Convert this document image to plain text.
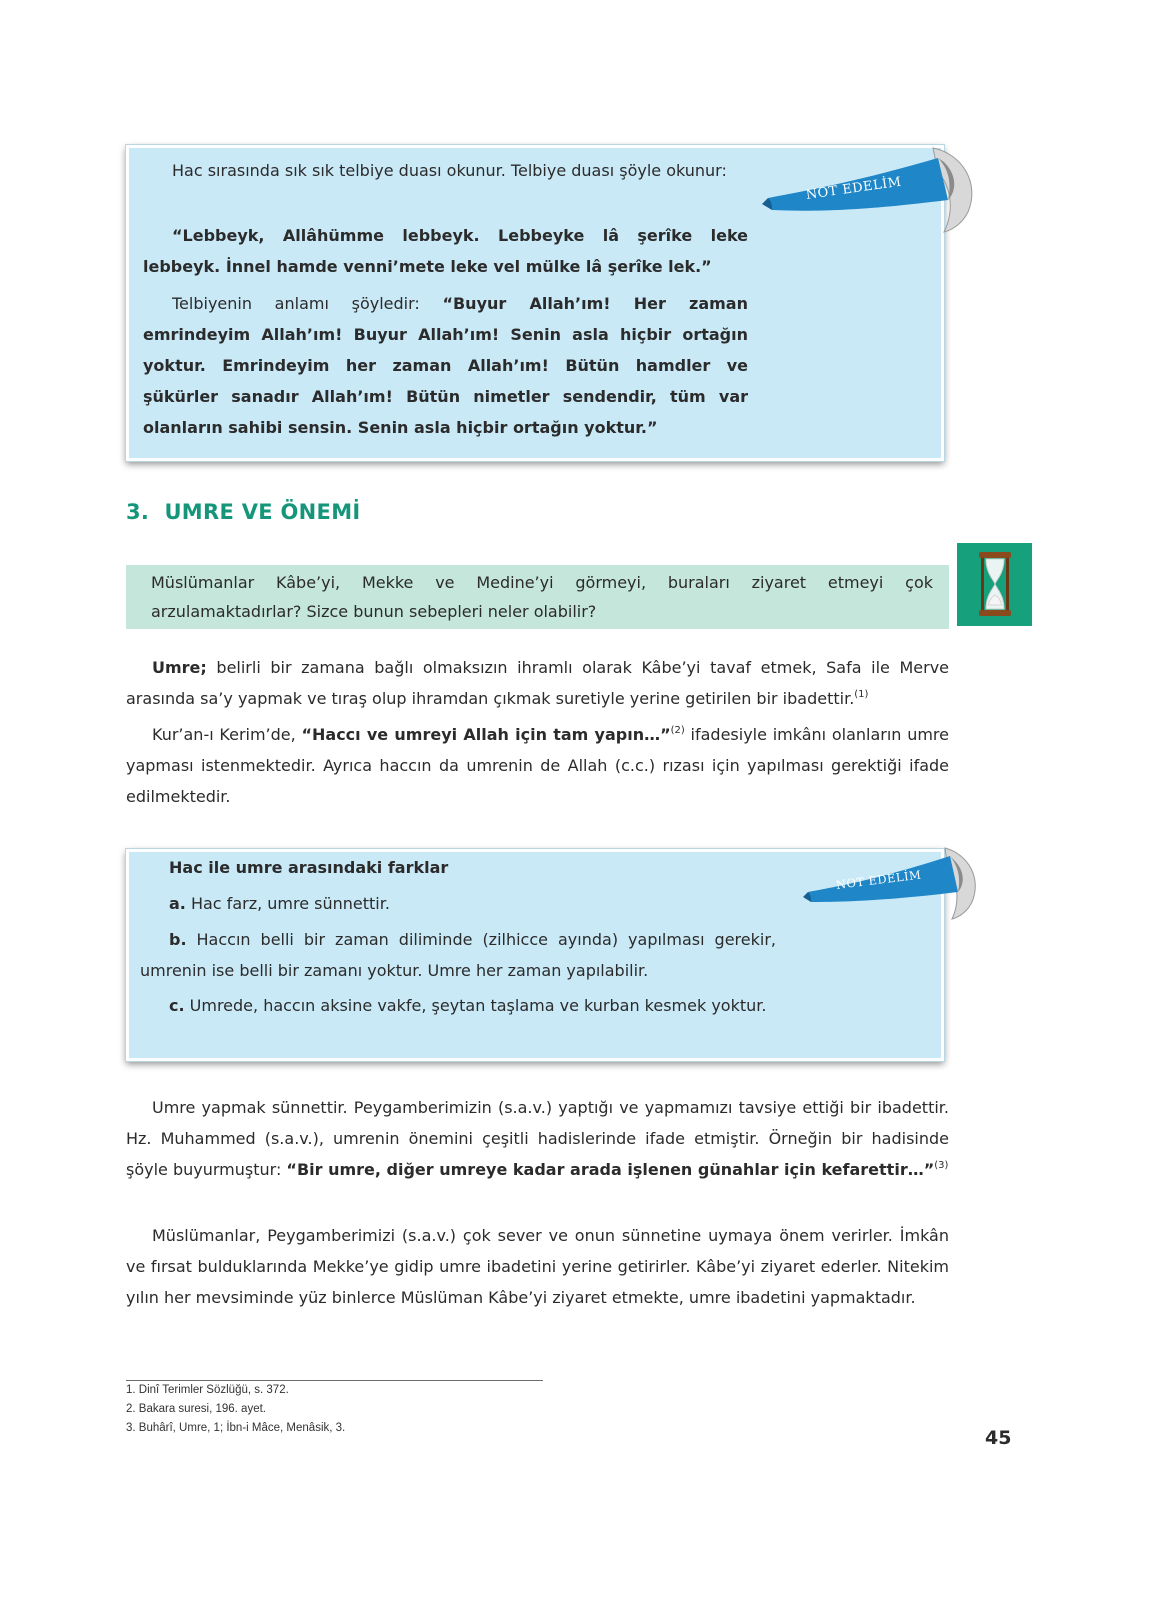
Hac sırasında sık sık telbiye duası okunur. Telbiye duası şöyle okunur:

“Lebbeyk, Allâhümme lebbeyk. Lebbeyke lâ şerîke leke lebbeyk. İnnel hamde venni’mete leke vel mülke lâ şerîke lek.”

Telbiyenin anlamı şöyledir: “Buyur Allah’ım! Her zaman emrindeyim Allah’ım! Buyur Allah’ım! Senin asla hiçbir ortağın yoktur. Emrindeyim her zaman Allah’ım! Bütün hamdler ve şükürler sanadır Allah’ım! Bütün nimetler sendendir, tüm var olanların sahibi sensin. Senin asla hiçbir ortağın yoktur.”

NOT EDELİM
3. UMRE VE ÖNEMİ
Müslümanlar Kâbe’yi, Mekke ve Medine’yi görmeyi, buraları ziyaret etmeyi çok arzulamaktadırlar? Sizce bunun sebepleri neler olabilir?

Umre; belirli bir zamana bağlı olmaksızın ihramlı olarak Kâbe’yi tavaf etmek, Safa ile Merve arasında sa’y yapmak ve tıraş olup ihramdan çıkmak suretiyle yerine getirilen bir ibadettir.$^{(1)}$

Kur’an-ı Kerim’de, “Haccı ve umreyi Allah için tam yapın…”$^{(2)}$ ifadesiyle imkânı olanların umre yapması istenmektedir. Ayrıca haccın da umrenin de Allah (c.c.) rızası için yapılması gerektiği ifade edilmektedir.

Hac ile umre arasındaki farklar

a. Hac farz, umre sünnettir.

b. Haccın belli bir zaman diliminde (zilhicce ayında) yapılması gerekir, umrenin ise belli bir zamanı yoktur. Umre her zaman yapılabilir.

c. Umrede, haccın aksine vakfe, şeytan taşlama ve kurban kesmek yoktur.

NOT EDELİM

Umre yapmak sünnettir. Peygamberimizin (s.a.v.) yaptığı ve yapmamızı tavsiye ettiği bir ibadettir. Hz. Muhammed (s.a.v.), umrenin önemini çeşitli hadislerinde ifade etmiştir. Örneğin bir hadisinde şöyle buyurmuştur: “Bir umre, diğer umreye kadar arada işlenen günahlar için kefarettir…”$^{(3)}$

Müslümanlar, Peygamberimizi (s.a.v.) çok sever ve onun sünnetine uymaya önem verirler. İmkân ve fırsat bulduklarında Mekke’ye gidip umre ibadetini yerine getirirler. Kâbe’yi ziyaret ederler. Nitekim yılın her mevsiminde yüz binlerce Müslüman Kâbe’yi ziyaret etmekte, umre ibadetini yapmaktadır.

1. Dinî Terimler Sözlüğü, s. 372.

2. Bakara suresi, 196. ayet.

3. Buhârî, Umre, 1; İbn-i Mâce, Menâsik, 3.	45
